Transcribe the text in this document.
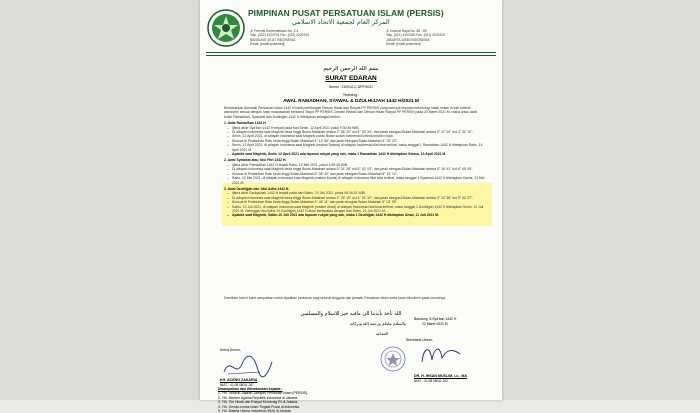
PIMPINAN PUSAT PERSATUAN ISLAM (PERSIS)
المركز العام لجمعية الاتحاد الاسلامي
Jl. Perintis Kemerdekaan No. 2-4
Telp. (022) 4220704 Fax. (022) 4220704
BANDUNG 40117 INDONESIA
Email: [email protected]
Jl. Kramat Raya No. 58 - 59
Telp. (021) 4202420 Fax. (021) 4202420
JAKARTA 10560 INDONESIA
Email: [email protected]
بسم الله الرحمن الرحيم
SURAT EDARAN
Nomor : 2109/JJ-C.3/PP/2021
Tentang :
AWAL RAMADHAN, SYAWAL & DZULHIJJAH 1442 H/2021 M

Berdasarkan Almanak Persatuan Islam 1442 H hasil perhitungan Dewan Hisab dan Rukyat PP PERSIS yang merujuk kepada metodologi hisab imkan ru'yah kriteria astronomi sesuai dengan hasil musyawarah bersama Tasyri PP PERSIS, Dewan Hisbah dan Dewan Hisab Rukyat PP PERSIS pada 20 Maret 2021 M, maka untuk awal bulan Ramadhan, Syawwal dan Dzulhijjah 1442 H ditetapkan sebagai berikut :

1. Awal Ramadhan 1442 H
– Ijtima akhir Sya'ban 1442 H terjadi pada hari Senin, 12 April 2021 pukul 9:30:45 WIB.
– Di wilayah Indonesia saat Maghrib beda tinggi Bulan-Matahari antara 2° 58' 20" s/d 4° 33' 34", dan jarak elongasi Bulan-Matahari antara 3° 47' 29" s/d 4° 32' 10".
– Senin, 12 April 2021, di wilayah Indonesia saat Maghrib posisi Bulan sudah memenuhi kriteria imkan ru'yah.
– Khusus di Pelabuhan Ratu beda tinggi Bulan-Matahari 4° 12' 56" dan jarak elongasi Bulan-Matahari 4° 25' 20".
– Senin, 12 April 2021, di wilayah Indonesia saat Maghrib (malam Selasa) di wilayah Indonesia hilal bisa terlihat, maka tanggal 1 Ramadhan 1442 H ditetapkan Rabu, 14 April 2021 M.
– Apabila saat Maghrib, Senin 12 April 2021 ada laporan rukyat yang sah, maka 1 Ramadhan 1442 H ditetapkan Selasa, 13 April 2021 M.
2. Awal Syawwal atau 'Idul Fitri 1442 H.
– Ijtima akhir Ramadhan 1442 H terjadi Rabu, 12 Mei 2021, pukul 1:59:48 WIB.
– Di wilayah Indonesia saat Maghrib beda tinggi Bulan-Matahari antara 5° 01' 28" s/d 6° 43' 03", dan jarak elongasi Bulan-Matahari antara 5° 16' 41" s/d 6° 45' 05".
– Khusus di Pelabuhan Ratu beda tinggi Bulan-Matahari 6° 05' 40" dan jarak elongasi Bulan-Matahari 5° 19' 12".
– Rabu, 12 Mei 2021, di wilayah Indonesia saat Maghrib (malam Kamis) di wilayah Indonesia hilal bisa terlihat, maka tanggal 1 Syawwal 1442 H ditetapkan Kamis, 13 Mei 2021 M.
3. Awal Dzulhijjah dan 'Idul Adha 1442 H.
– Ijtima akhir Dzulqa'dah 1442 H terjadi pada hari Sabtu, 10 Juli 2021, pukul 08:16:31 WIB.
– Di wilayah Indonesia saat Maghrib beda tinggi Bulan-Matahari antara 2° 25' 15" s/d 4° 04' 32", dan jarak elongasi Bulan-Matahari antara 4° 13' 38" s/d 5° 32' 37".
– Khusus di Pelabuhan Ratu beda tinggi Bulan-Matahari 3° 46' 11" dan jarak elongasi Bulan-Matahari 5° 03' 39".
– Sabtu, 10 Juli 2021, di wilayah Indonesia saat Maghrib (malam Ahad) di wilayah Indonesia hilal bisa terlihat, maka tanggal 1 Dzulhijjah 1442 H ditetapkan Senin, 12 Juli 2021 M. Sehingga 'Idul Adha 10 Dzulhijjah 1442 H akan bertepatan dengan hari Rabu, 21 Juli 2021 M.
– Apabila saat Maghrib, Sabtu 10 Juli 2021 ada laporan rukyat yang sah, maka 1 Dzulhijjah 1442 H ditetapkan Ahad, 11 Juli 2021 M.
Demikian hal ini kami sampaikan untuk dijadikan pedoman bagi seluruh anggota dan jamaah Persatuan Islam serta kaum Muslimin pada umumnya.
الله يأخذ بأيدينا الى مافيه خير للاسلام والمسلمين
والسلام عليكم ورحمة الله وبركاته
Bandung, 8 Sya'ban 1442 H
22 Maret 2021 M
Ketua Umum,
Sekretaris Umum,
الجماعة
KH. ACENG ZAKARIA
NIAT. : 01.08.08011.267
DR. H. IHSAN MUSLIM, Lc., MA
NIAT. : 01.08.08011.202
Disampaikan dan ditembuskan kepada :
1. Yth. Seluruh Jajaran Jamiyah Persatuan Islam (PERSIS).
2. Yth. Menteri Agama Republik Indonesia di Jakarta.
3. Yth. Tim Hisab dan Rukyat Kemenag RI di Jakarta.
4. Yth. Ormas-ormas Islam Tingkat Pusat di Indonesia.
5. Yth. Majelis Ulama Indonesia (MUI) di Jakarta.
